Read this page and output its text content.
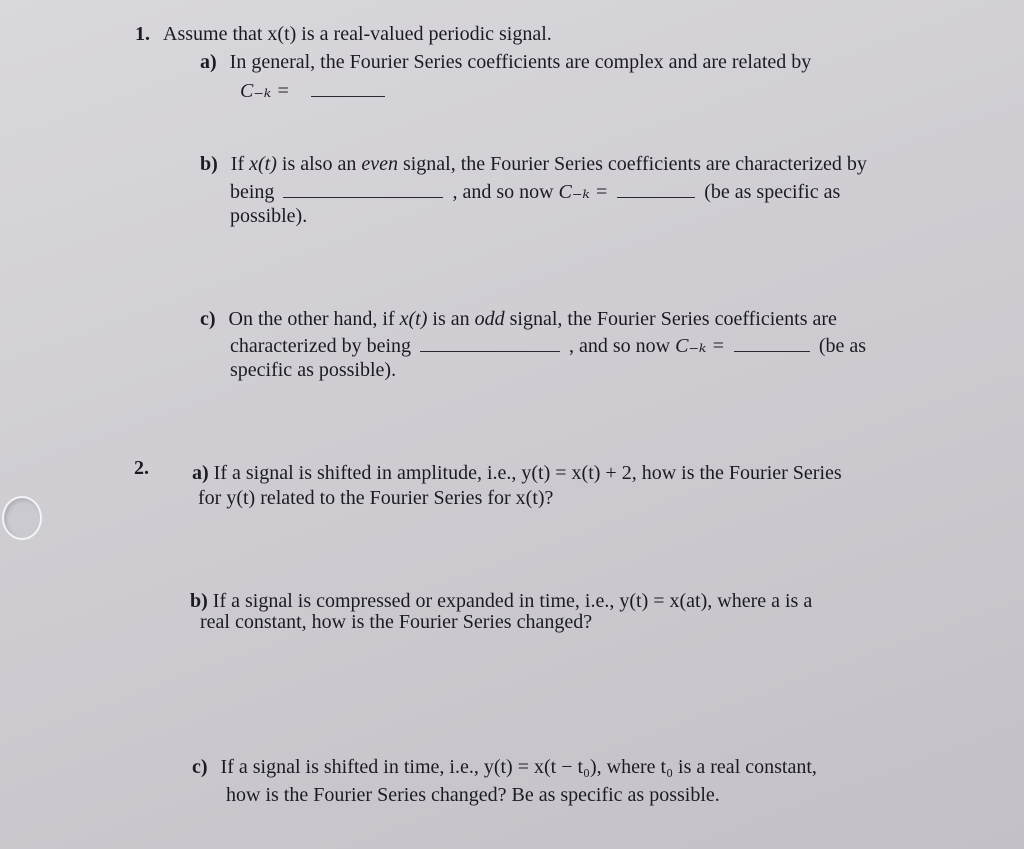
1. Assume that x(t) is a real-valued periodic signal.
a) In general, the Fourier Series coefficients are complex and are related by
C₋ₖ =
b) If x(t) is also an even signal, the Fourier Series coefficients are characterized by
being	, and so now C₋ₖ =	(be as specific as
possible).
c) On the other hand, if x(t) is an odd signal, the Fourier Series coefficients are
characterized by being	, and so now C₋ₖ =	(be as
specific as possible).
2. a) If a signal is shifted in amplitude, i.e., y(t) = x(t) + 2, how is the Fourier Series
for y(t) related to the Fourier Series for x(t)?
b) If a signal is compressed or expanded in time, i.e., y(t) = x(at), where a is a
real constant, how is the Fourier Series changed?
c) If a signal is shifted in time, i.e., y(t) = x(t − t₀), where t₀ is a real constant,
how is the Fourier Series changed? Be as specific as possible.
